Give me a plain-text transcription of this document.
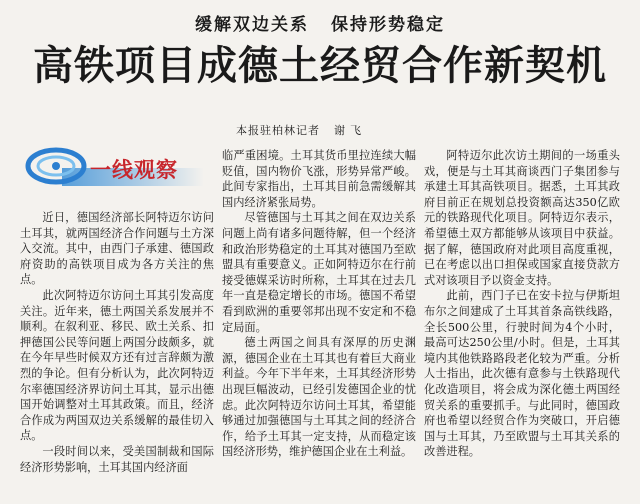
缓解双边关系 保持形势稳定
高铁项目成德土经贸合作新契机
本报驻柏林记者 谢飞
一线观察

近日，德国经济部长阿特迈尔访问土耳其，就两国经济合作问题与土方深入交流。其中，由西门子承建、德国政府资助的高铁项目成为各方关注的焦点。

此次阿特迈尔访问土耳其引发高度关注。近年来，德土两国关系发展并不顺利。在叙利亚、移民、欧土关系、扣押德国公民等问题上两国分歧颇多，就在今年早些时候双方还有过言辞颇为激烈的争论。但有分析认为，此次阿特迈尔率德国经济界访问土耳其，显示出德国开始调整对土耳其政策。而且，经济合作成为两国双边关系缓解的最佳切入点。

一段时间以来，受美国制裁和国际经济形势影响，土耳其国内经济面

临严重困境。土耳其货币里拉连续大幅贬值，国内物价飞涨，形势异常严峻。此间专家指出，土耳其目前急需缓解其国内经济紧张局势。

尽管德国与土耳其之间在双边关系问题上尚有诸多问题待解，但一个经济和政治形势稳定的土耳其对德国乃至欧盟具有重要意义。正如阿特迈尔在行前接受德媒采访时所称，土耳其在过去几年一直是稳定增长的市场。德国不希望看到欧洲的重要邻邦出现不安定和不稳定局面。

德土两国之间具有深厚的历史渊源，德国企业在土耳其也有着巨大商业利益。今年下半年来，土耳其经济形势出现巨幅波动，已经引发德国企业的忧虑。此次阿特迈尔访问土耳其，希望能够通过加强德国与土耳其之间的经济合作，给予土耳其一定支持，从而稳定该国经济形势，维护德国企业在土利益。

阿特迈尔此次访土期间的一场重头戏，便是与土耳其商谈西门子集团参与承建土耳其高铁项目。据悉，土耳其政府目前正在规划总投资额高达350亿欧元的铁路现代化项目。阿特迈尔表示，希望德土双方都能够从该项目中获益。据了解，德国政府对此项目高度重视，已在考虑以出口担保或国家直接贷款方式对该项目予以资金支持。

此前，西门子已在安卡拉与伊斯坦布尔之间建成了土耳其首条高铁线路，全长500公里，行驶时间为4个小时，最高可达250公里/小时。但是，土耳其境内其他铁路路段老化较为严重。分析人士指出，此次德有意参与土铁路现代化改造项目，将会成为深化德土两国经贸关系的重要抓手。与此同时，德国政府也希望以经贸合作为突破口，开启德国与土耳其，乃至欧盟与土耳其关系的改善进程。
